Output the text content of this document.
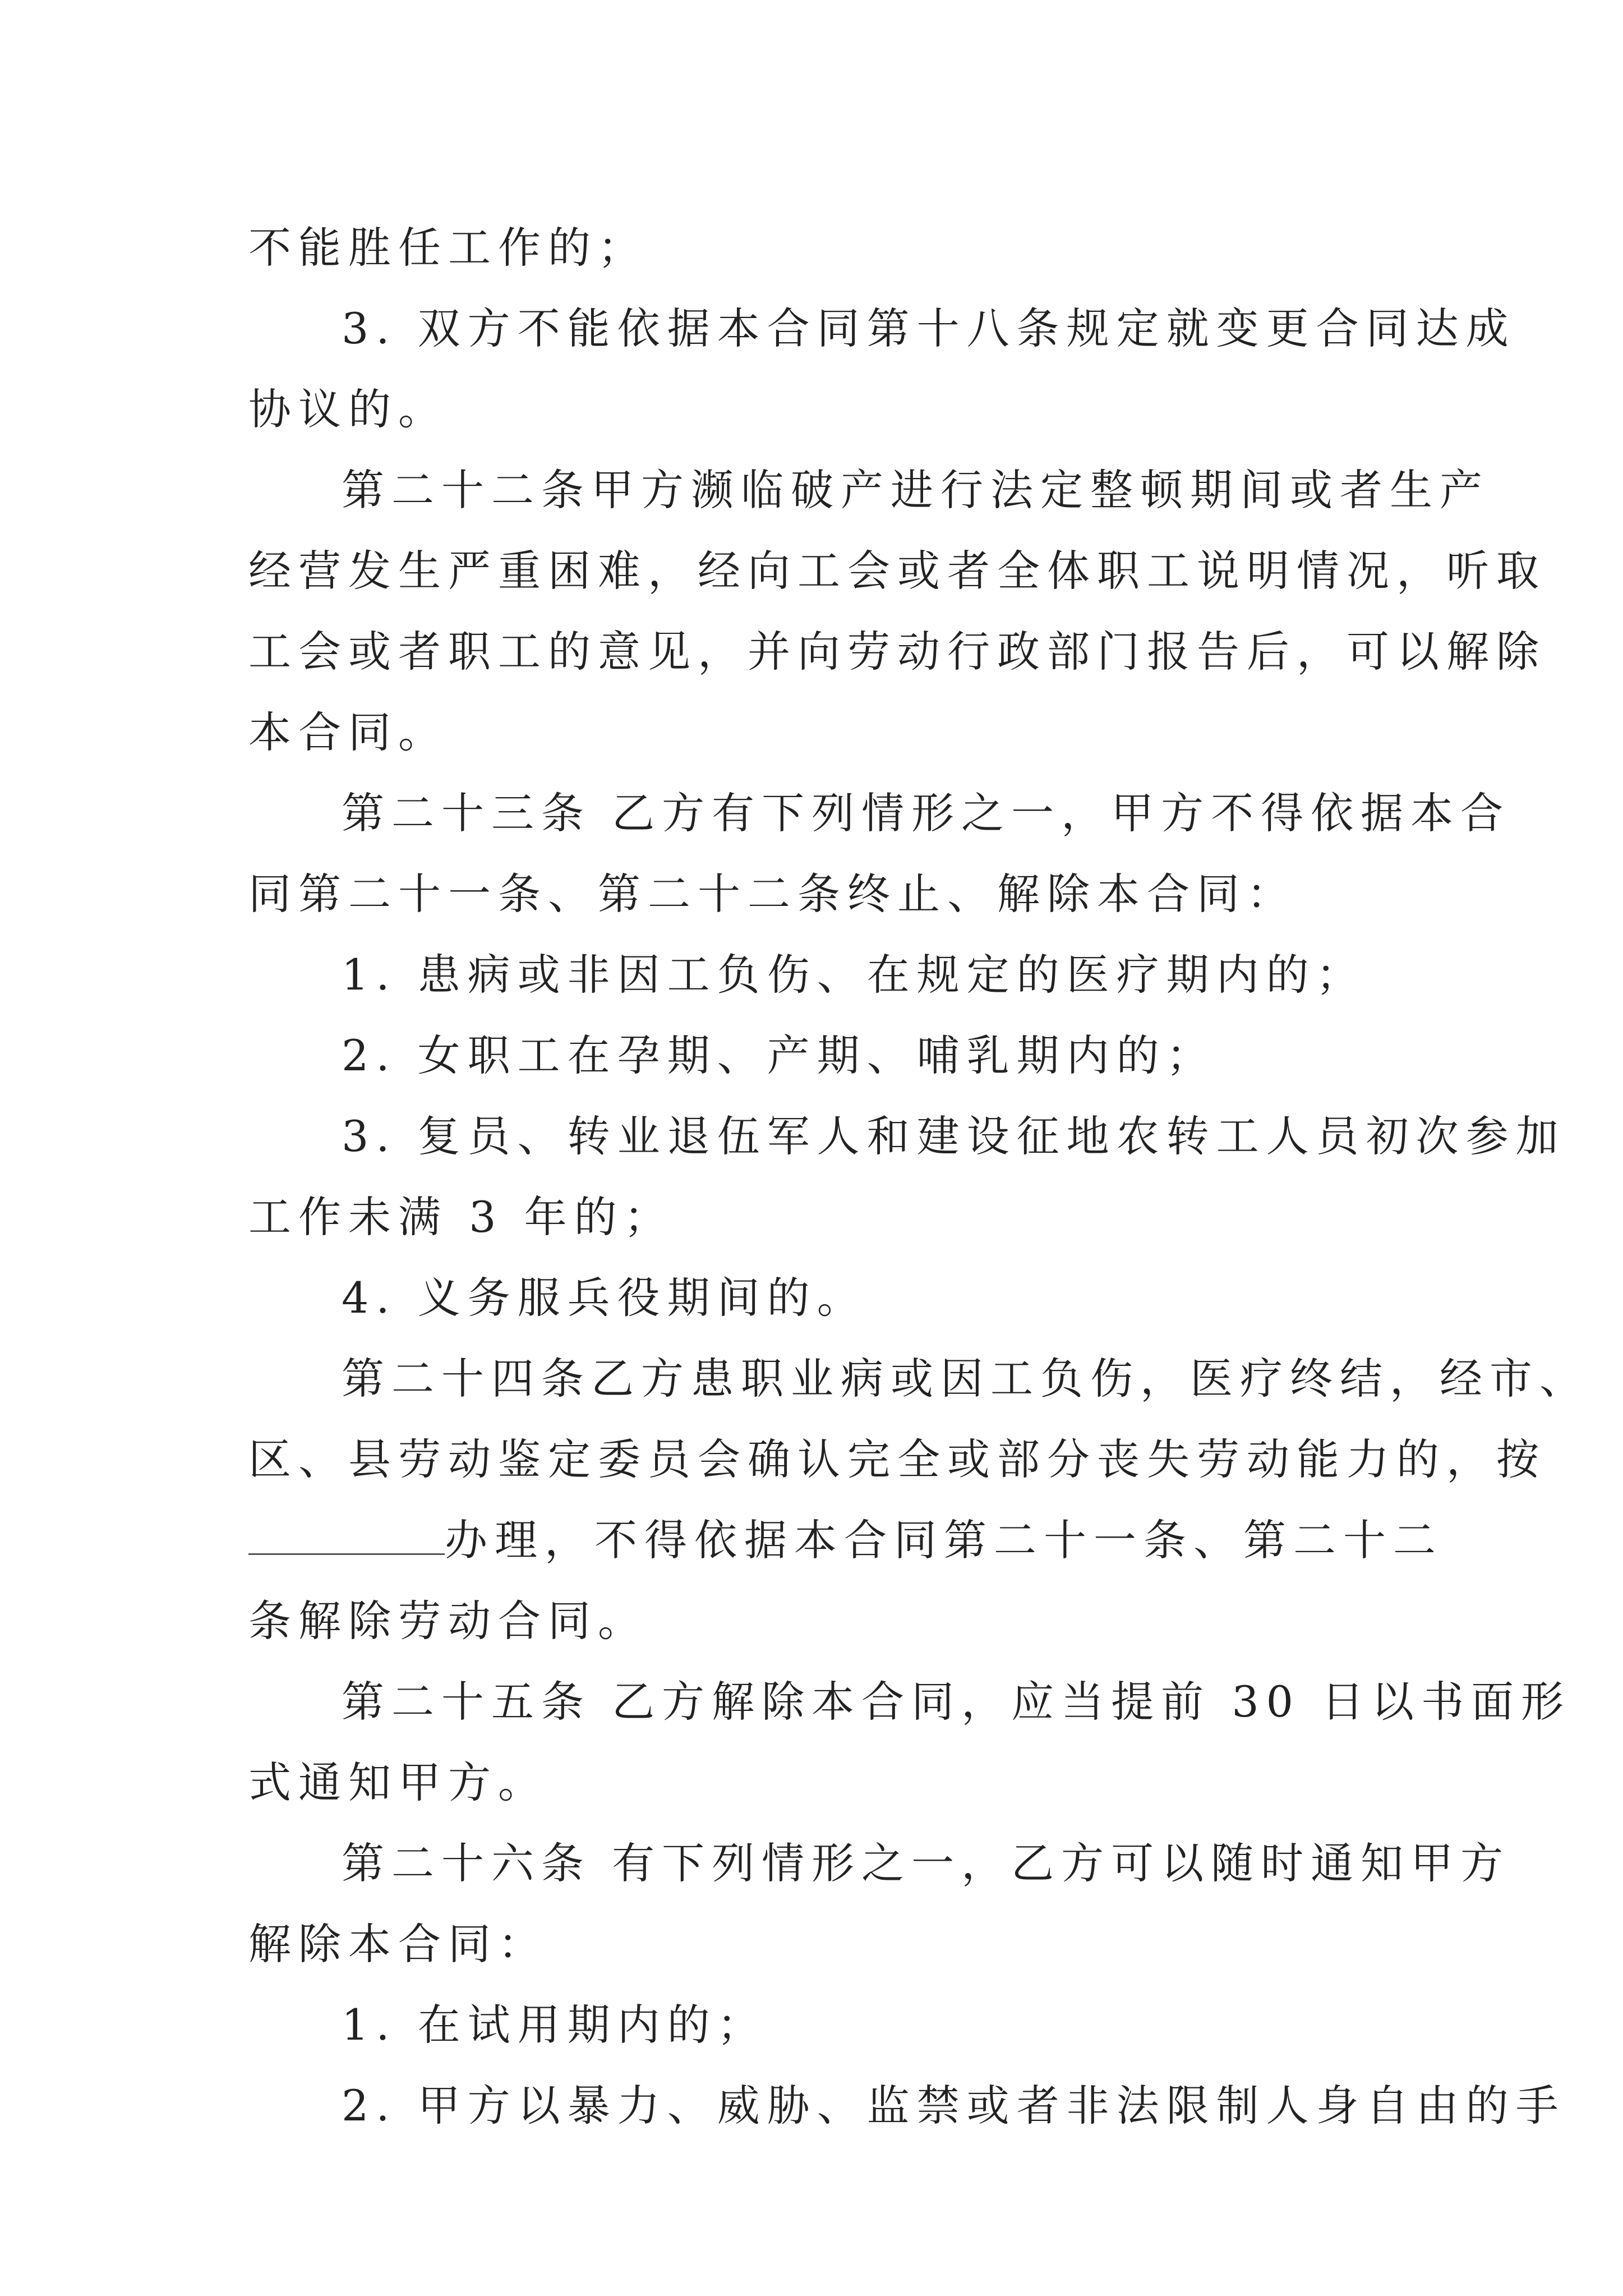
不能胜任工作的；
3. 双方不能依据本合同第十八条规定就变更合同达成
协议的。
第二十二条甲方濒临破产进行法定整顿期间或者生产
经营发生严重困难，经向工会或者全体职工说明情况，听取
工会或者职工的意见，并向劳动行政部门报告后，可以解除
本合同。
第二十三条 乙方有下列情形之一，甲方不得依据本合
同第二十一条、第二十二条终止、解除本合同：
1. 患病或非因工负伤、在规定的医疗期内的；
2. 女职工在孕期、产期、哺乳期内的；
3. 复员、转业退伍军人和建设征地农转工人员初次参加
工作未满 3 年的；
4. 义务服兵役期间的。
第二十四条乙方患职业病或因工负伤，医疗终结，经市、
区、县劳动鉴定委员会确认完全或部分丧失劳动能力的，按
办理，不得依据本合同第二十一条、第二十二
条解除劳动合同。
第二十五条 乙方解除本合同，应当提前 30 日以书面形
式通知甲方。
第二十六条 有下列情形之一，乙方可以随时通知甲方
解除本合同：
1. 在试用期内的；
2. 甲方以暴力、威胁、监禁或者非法限制人身自由的手
